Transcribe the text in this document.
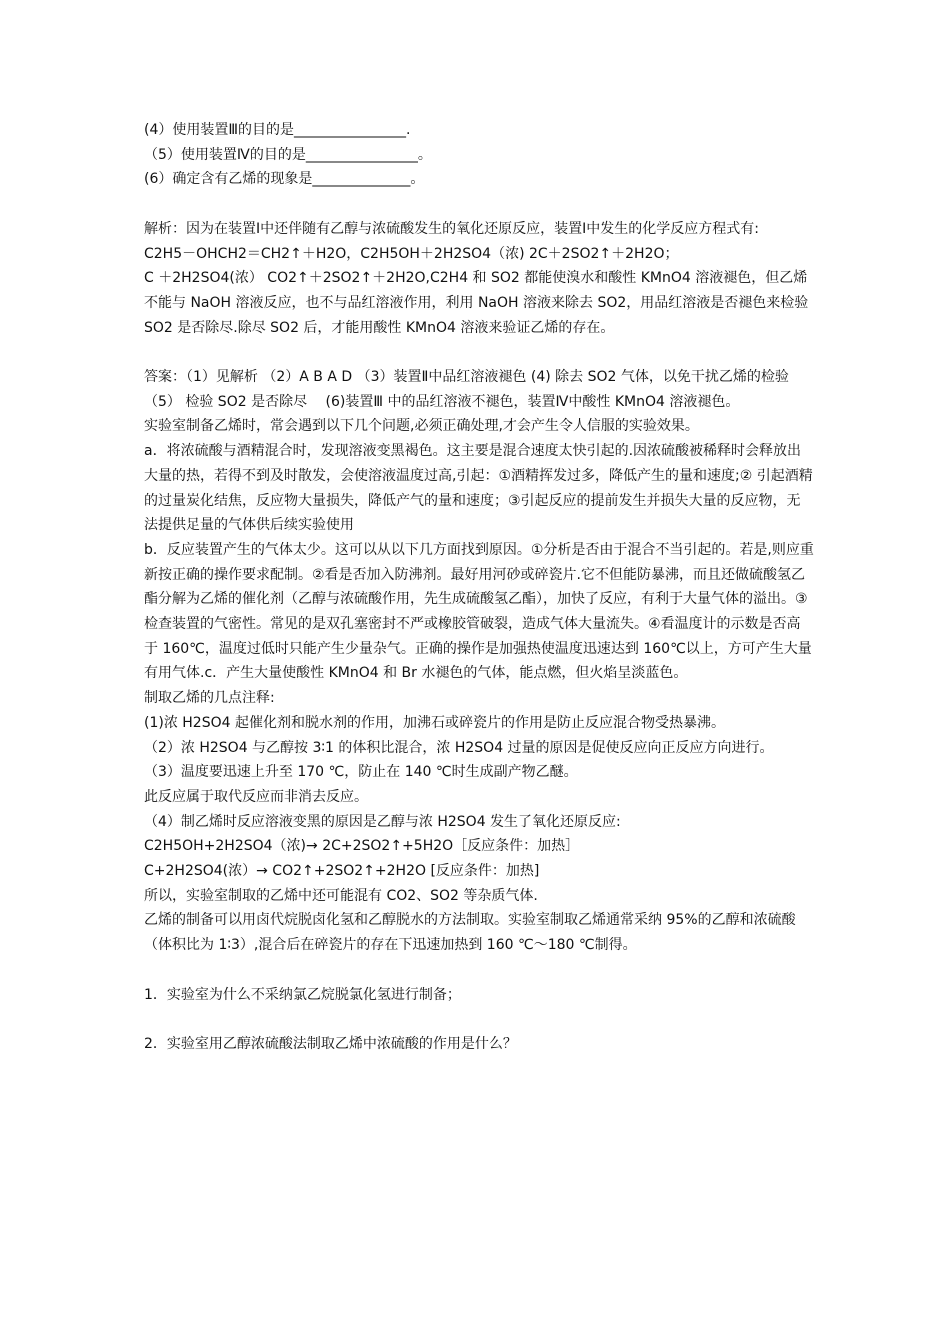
(4）使用装置Ⅲ的目的是________________.

（5）使用装置Ⅳ的目的是________________。

(6）确定含有乙烯的现象是______________。

解析：因为在装置Ⅰ中还伴随有乙醇与浓硫酸发生的氧化还原反应，装置Ⅰ中发生的化学反应方程式有:

C2H5－OHCH2＝CH2↑＋H2O，C2H5OH＋2H2SO4（浓) 2C＋2SO2↑＋2H2O；

C ＋2H2SO4(浓） CO2↑＋2SO2↑＋2H2O,C2H4 和 SO2 都能使溴水和酸性 KMnO4 溶液褪色，但乙烯不能与 NaOH 溶液反应，也不与品红溶液作用，利用 NaOH 溶液来除去 SO2，用品红溶液是否褪色来检验 SO2 是否除尽.除尽 SO2 后，才能用酸性 KMnO4 溶液来验证乙烯的存在。

答案：（1）见解析 （2）A B A D （3）装置Ⅱ中品红溶液褪色 (4) 除去 SO2 气体，以免干扰乙烯的检验　 （5） 检验 SO2 是否除尽　 (6)装置Ⅲ 中的品红溶液不褪色，装置Ⅳ中酸性 KMnO4 溶液褪色。

实验室制备乙烯时，常会遇到以下几个问题,必须正确处理,才会产生令人信服的实验效果。

a．将浓硫酸与酒精混合时，发现溶液变黑褐色。这主要是混合速度太快引起的.因浓硫酸被稀释时会释放出大量的热，若得不到及时散发，会使溶液温度过高,引起：①酒精挥发过多，降低产生的量和速度;② 引起酒精的过量炭化结焦，反应物大量损失，降低产气的量和速度；③引起反应的提前发生并损失大量的反应物，无法提供足量的气体供后续实验使用

b．反应装置产生的气体太少。这可以从以下几方面找到原因。①分析是否由于混合不当引起的。若是,则应重新按正确的操作要求配制。②看是否加入防沸剂。最好用河砂或碎瓷片.它不但能防暴沸，而且还做硫酸氢乙酯分解为乙烯的催化剂（乙醇与浓硫酸作用，先生成硫酸氢乙酯），加快了反应，有利于大量气体的溢出。③检查装置的气密性。常见的是双孔塞密封不严或橡胶管破裂，造成气体大量流失。④看温度计的示数是否高于 160℃，温度过低时只能产生少量杂气。正确的操作是加强热使温度迅速达到 160℃以上，方可产生大量有用气体.c．产生大量使酸性 KMnO4 和 Br 水褪色的气体，能点燃，但火焰呈淡蓝色。

制取乙烯的几点注释:

(1)浓 H2SO4 起催化剂和脱水剂的作用，加沸石或碎瓷片的作用是防止反应混合物受热暴沸。

（2）浓 H2SO4 与乙醇按 3∶1 的体积比混合，浓 H2SO4 过量的原因是促使反应向正反应方向进行。

（3）温度要迅速上升至 170 ℃，防止在 140 ℃时生成副产物乙醚。

此反应属于取代反应而非消去反应。

（4）制乙烯时反应溶液变黑的原因是乙醇与浓 H2SO4 发生了氧化还原反应:

C2H5OH+2H2SO4（浓)→ 2C+2SO2↑+5H2O［反应条件：加热］

C+2H2SO4(浓）→ CO2↑+2SO2↑+2H2O [反应条件：加热]

所以，实验室制取的乙烯中还可能混有 CO2、SO2 等杂质气体.

乙烯的制备可以用卤代烷脱卤化氢和乙醇脱水的方法制取。实验室制取乙烯通常采纳 95%的乙醇和浓硫酸（体积比为 1∶3）,混合后在碎瓷片的存在下迅速加热到 160 ℃～180 ℃制得。

1．实验室为什么不采纳氯乙烷脱氯化氢进行制备；

2．实验室用乙醇浓硫酸法制取乙烯中浓硫酸的作用是什么？
